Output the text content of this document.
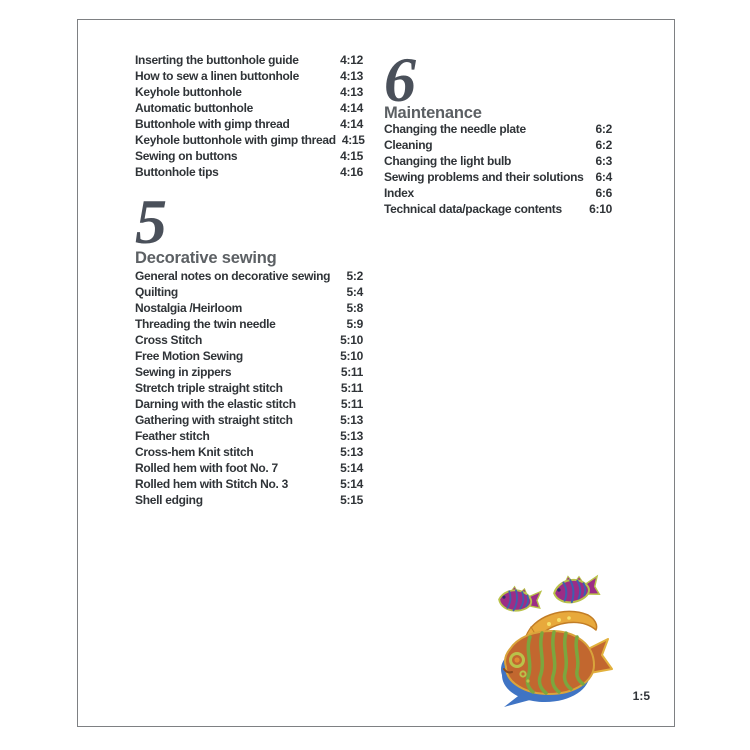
Inserting the buttonhole guide	4:12
How to sew a linen buttonhole	4:13
Keyhole buttonhole	4:13
Automatic buttonhole	4:14
Buttonhole with gimp thread	4:14
Keyhole buttonhole with gimp thread 4:15
Sewing on buttons	4:15
Buttonhole tips	4:16
6
Maintenance
Changing the needle plate	6:2
Cleaning	6:2
Changing the light bulb	6:3
Sewing problems and their solutions 6:4
Index	6:6
Technical data/package contents 6:10
5
Decorative sewing
General notes on decorative sewing 5:2
Quilting	5:4
Nostalgia /Heirloom	5:8
Threading the twin needle	5:9
Cross Stitch	5:10
Free Motion Sewing	5:10
Sewing in zippers	5:11
Stretch triple straight stitch	5:11
Darning with the elastic stitch	5:11
Gathering with straight stitch	5:13
Feather stitch	5:13
Cross-hem Knit stitch	5:13
Rolled hem with foot No. 7	5:14
Rolled hem with Stitch No. 3	5:14
Shell edging	5:15
1:5
